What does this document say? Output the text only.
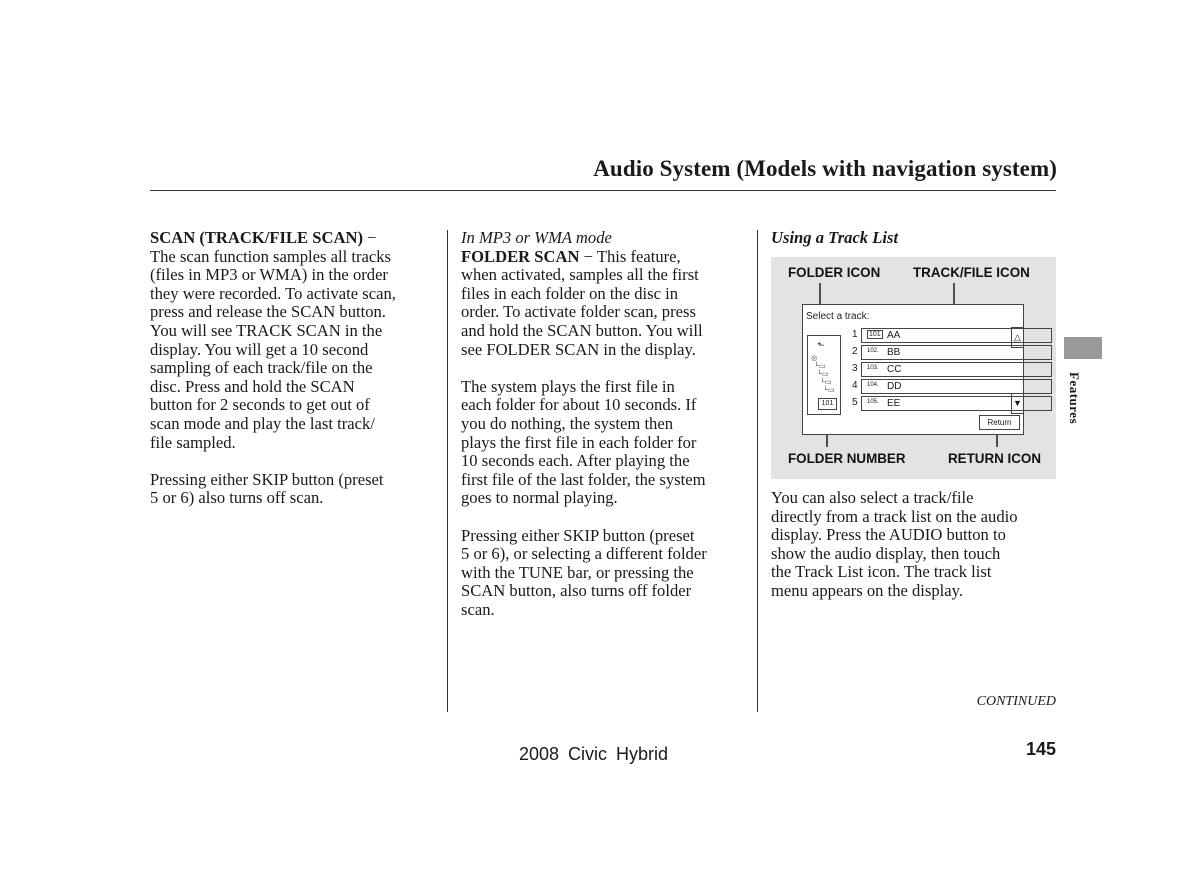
Audio System (Models with navigation system)

SCAN (TRACK/FILE SCAN) −

The scan function samples all tracks
(files in MP3 or WMA) in the order
they were recorded. To activate scan,
press and release the SCAN button.
You will see TRACK SCAN in the
display. You will get a 10 second
sampling of each track/file on the
disc. Press and hold the SCAN
button for 2 seconds to get out of
scan mode and play the last track/
file sampled.

Pressing either SKIP button (preset
5 or 6) also turns off scan.

In MP3 or WMA mode

FOLDER SCAN − This feature,

when activated, samples all the first
files in each folder on the disc in
order. To activate folder scan, press
and hold the SCAN button. You will
see FOLDER SCAN in the display.

The system plays the first file in
each folder for about 10 seconds. If
you do nothing, the system then
plays the first file in each folder for
10 seconds each. After playing the
first file of the last folder, the system
goes to normal playing.

Pressing either SKIP button (preset
5 or 6), or selecting a different folder
with the TUNE bar, or pressing the
SCAN button, also turns off folder
scan.

Using a Track List

FOLDER ICON TRACK/FILE ICON
FOLDER NUMBER	RETURN ICON
Select a track:
⬑
◎
└▭
└▭
└▭
└▭
101
1 101 AA
2 102. BB
3 103. CC
4 104. DD
5 105. EE
△
▼
Return

You can also select a track/file
directly from a track list on the audio
display. Press the AUDIO button to
show the audio display, then touch
the Track List icon. The track list
menu appears on the display.

Features
CONTINUED
2008 Civic Hybrid	145
